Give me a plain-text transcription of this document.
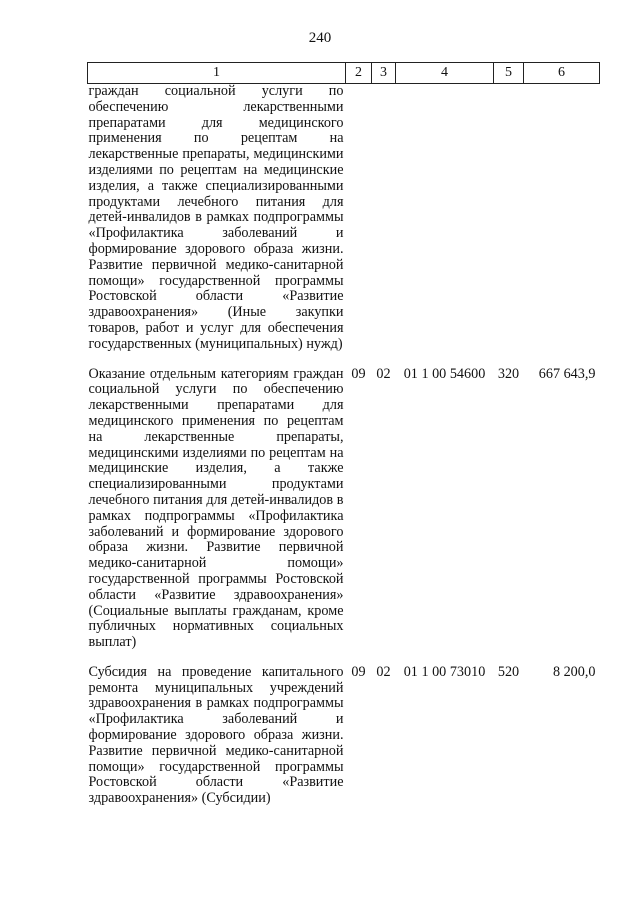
240
1	2	3	4	5	6
граждан социальной услуги по обеспечению лекарственными препаратами для медицинского применения по рецептам на лекарственные препараты, медицинскими изделиями по рецептам на медицинские изделия, а также специализированными продуктами лечебного питания для детей-инвалидов в рамках подпрограммы «Профилактика заболеваний и формирование здорового образа жизни. Развитие первичной медико-санитарной помощи» государственной программы Ростовской области «Развитие здравоохранения» (Иные закупки товаров, работ и услуг для обеспечения государственных (муниципальных) нужд)					
Оказание отдельным категориям граждан социальной услуги по обеспечению лекарственными препаратами для медицинского применения по рецептам на лекарственные препараты, медицинскими изделиями по рецептам на медицинские изделия, а также специализированными продуктами лечебного питания для детей-инвалидов в рамках подпрограммы «Профилактика заболеваний и формирование здорового образа жизни. Развитие первичной медико-санитарной помощи» государственной программы Ростовской области «Развитие здравоохранения» (Социальные выплаты гражданам, кроме публичных нормативных социальных выплат)	09	02	01 1 00 54600	320	667 643,9
Субсидия на проведение капитального ремонта муниципальных учреждений здравоохранения в рамках подпрограммы «Профилактика заболеваний и формирование здорового образа жизни. Развитие первичной медико-санитарной помощи» государственной программы Ростовской области «Развитие здравоохранения» (Субсидии)	09	02	01 1 00 73010	520	8 200,0
